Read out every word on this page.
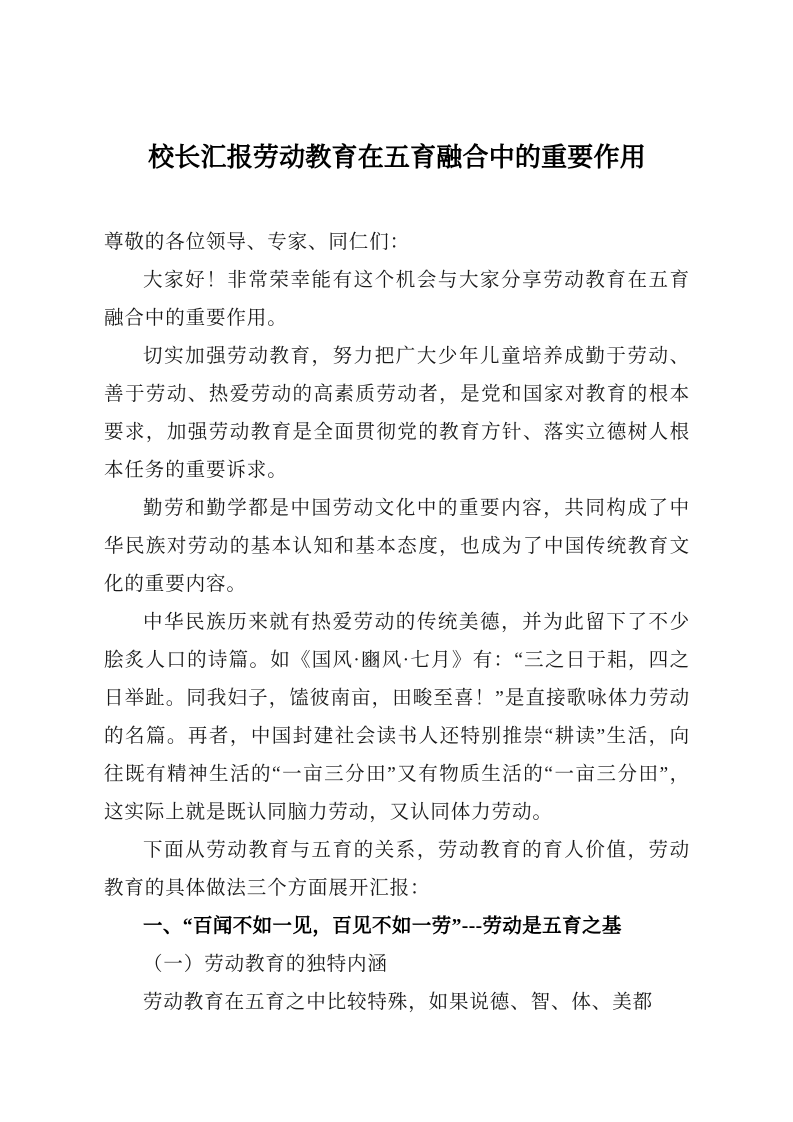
校长汇报劳动教育在五育融合中的重要作用

尊敬的各位领导、专家、同仁们：

大家好！非常荣幸能有这个机会与大家分享劳动教育在五育融合中的重要作用。

切实加强劳动教育，努力把广大少年儿童培养成勤于劳动、善于劳动、热爱劳动的高素质劳动者，是党和国家对教育的根本要求，加强劳动教育是全面贯彻党的教育方针、落实立德树人根本任务的重要诉求。

勤劳和勤学都是中国劳动文化中的重要内容，共同构成了中华民族对劳动的基本认知和基本态度，也成为了中国传统教育文化的重要内容。

中华民族历来就有热爱劳动的传统美德，并为此留下了不少脍炙人口的诗篇。如《国风·豳风·七月》有：“三之日于耜，四之日举趾。同我妇子，馌彼南亩，田畯至喜！”是直接歌咏体力劳动的名篇。再者，中国封建社会读书人还特别推崇“耕读”生活，向往既有精神生活的“一亩三分田”又有物质生活的“一亩三分田”，这实际上就是既认同脑力劳动，又认同体力劳动。

下面从劳动教育与五育的关系，劳动教育的育人价值，劳动教育的具体做法三个方面展开汇报：

一、“百闻不如一见，百见不如一劳”---劳动是五育之基

（一）劳动教育的独特内涵

劳动教育在五育之中比较特殊，如果说德、智、体、美都
